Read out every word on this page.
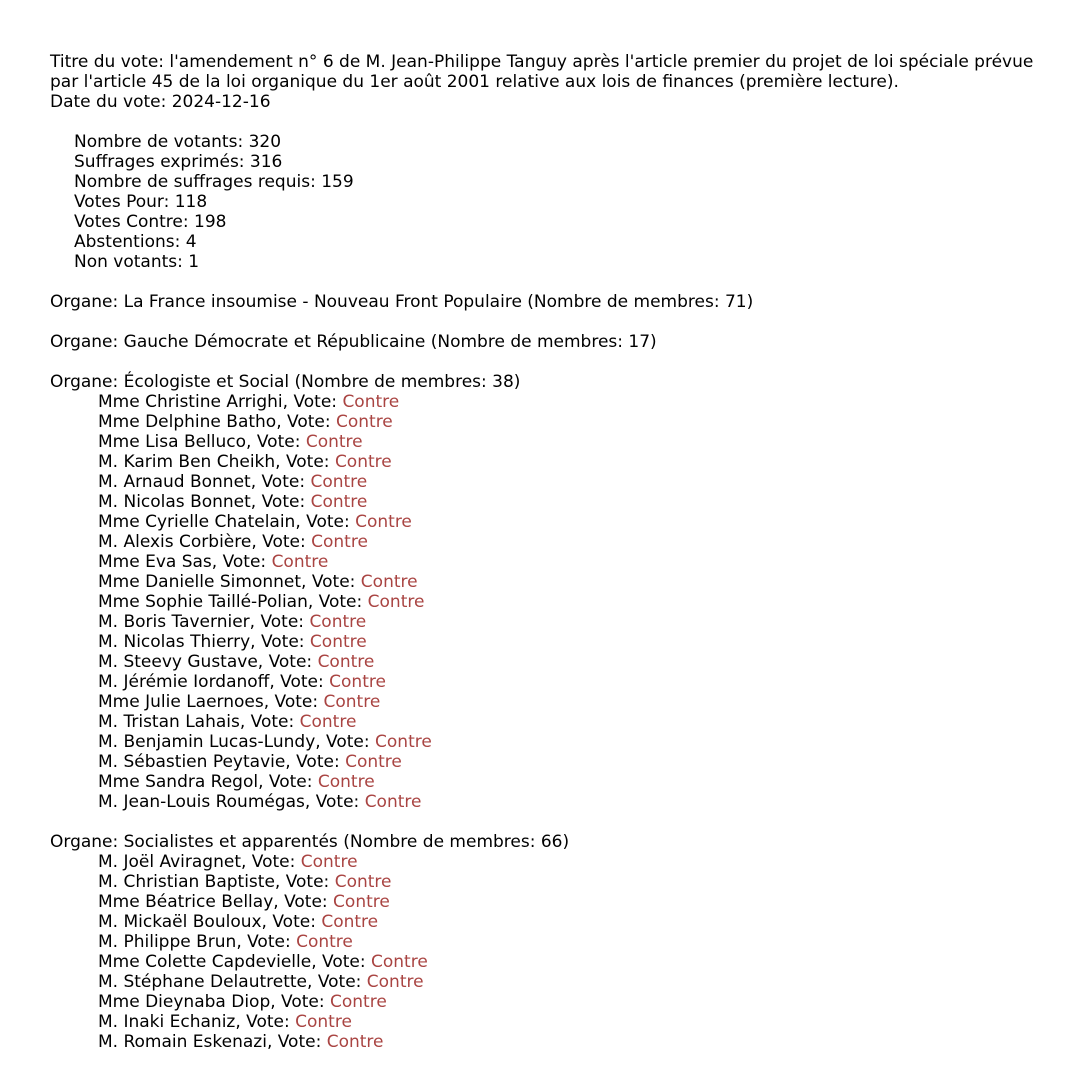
Titre du vote: l'amendement n° 6 de M. Jean-Philippe Tanguy après l'article premier du projet de loi spéciale prévue
par l'article 45 de la loi organique du 1er août 2001 relative aux lois de finances (première lecture).
Date du vote: 2024-12-16
Nombre de votants: 320
Suffrages exprimés: 316
Nombre de suffrages requis: 159
Votes Pour: 118
Votes Contre: 198
Abstentions: 4
Non votants: 1
Organe: La France insoumise - Nouveau Front Populaire (Nombre de membres: 71)
Organe: Gauche Démocrate et Républicaine (Nombre de membres: 17)
Organe: Écologiste et Social (Nombre de membres: 38)
Mme Christine Arrighi, Vote: Contre
Mme Delphine Batho, Vote: Contre
Mme Lisa Belluco, Vote: Contre
M. Karim Ben Cheikh, Vote: Contre
M. Arnaud Bonnet, Vote: Contre
M. Nicolas Bonnet, Vote: Contre
Mme Cyrielle Chatelain, Vote: Contre
M. Alexis Corbière, Vote: Contre
Mme Eva Sas, Vote: Contre
Mme Danielle Simonnet, Vote: Contre
Mme Sophie Taillé-Polian, Vote: Contre
M. Boris Tavernier, Vote: Contre
M. Nicolas Thierry, Vote: Contre
M. Steevy Gustave, Vote: Contre
M. Jérémie Iordanoff, Vote: Contre
Mme Julie Laernoes, Vote: Contre
M. Tristan Lahais, Vote: Contre
M. Benjamin Lucas-Lundy, Vote: Contre
M. Sébastien Peytavie, Vote: Contre
Mme Sandra Regol, Vote: Contre
M. Jean-Louis Roumégas, Vote: Contre
Organe: Socialistes et apparentés (Nombre de membres: 66)
M. Joël Aviragnet, Vote: Contre
M. Christian Baptiste, Vote: Contre
Mme Béatrice Bellay, Vote: Contre
M. Mickaël Bouloux, Vote: Contre
M. Philippe Brun, Vote: Contre
Mme Colette Capdevielle, Vote: Contre
M. Stéphane Delautrette, Vote: Contre
Mme Dieynaba Diop, Vote: Contre
M. Inaki Echaniz, Vote: Contre
M. Romain Eskenazi, Vote: Contre
